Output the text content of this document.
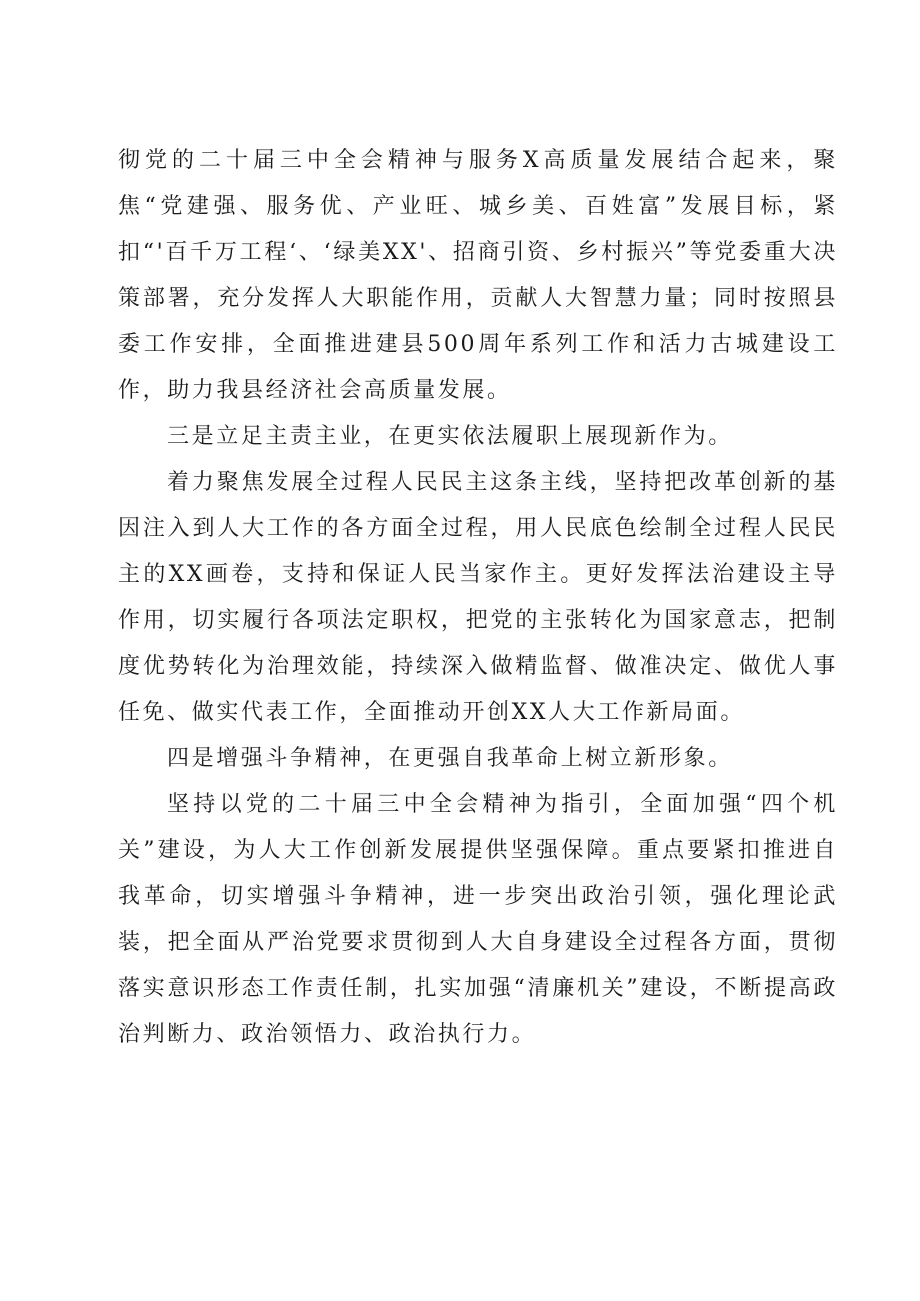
彻党的二十届三中全会精神与服务X高质量发展结合起来，聚焦“党建强、服务优、产业旺、城乡美、百姓富”发展目标，紧扣“'百千万工程‘、‘绿美XX'、招商引资、乡村振兴”等党委重大决策部署，充分发挥人大职能作用，贡献人大智慧力量；同时按照县委工作安排，全面推进建县500周年系列工作和活力古城建设工作，助力我县经济社会高质量发展。

三是立足主责主业，在更实依法履职上展现新作为。

着力聚焦发展全过程人民民主这条主线，坚持把改革创新的基因注入到人大工作的各方面全过程，用人民底色绘制全过程人民民主的XX画卷，支持和保证人民当家作主。更好发挥法治建设主导作用，切实履行各项法定职权，把党的主张转化为国家意志，把制度优势转化为治理效能，持续深入做精监督、做准决定、做优人事任免、做实代表工作，全面推动开创XX人大工作新局面。

四是增强斗争精神，在更强自我革命上树立新形象。

坚持以党的二十届三中全会精神为指引，全面加强“四个机关”建设，为人大工作创新发展提供坚强保障。重点要紧扣推进自我革命，切实增强斗争精神，进一步突出政治引领，强化理论武装，把全面从严治党要求贯彻到人大自身建设全过程各方面，贯彻落实意识形态工作责任制，扎实加强“清廉机关”建设，不断提高政治判断力、政治领悟力、政治执行力。
